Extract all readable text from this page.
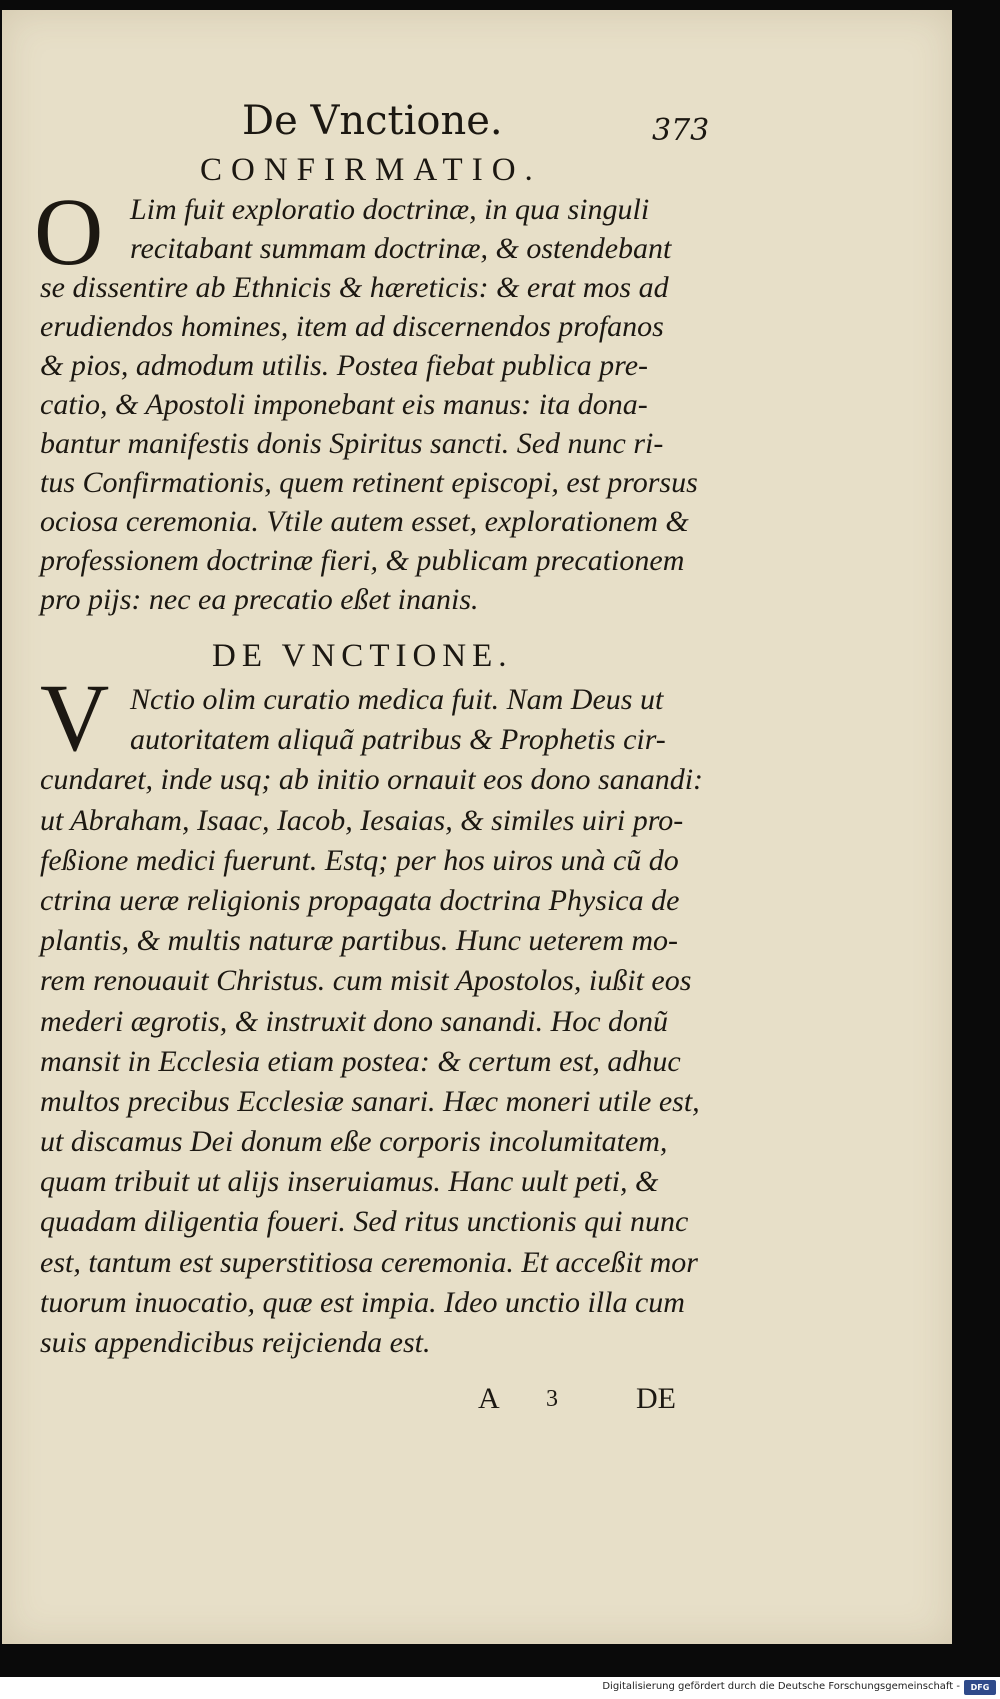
De Vnctione.	373
CONFIRMATIO.
O Lim fuit exploratio doctrinæ, in qua singuli
recitabant summam doctrinæ, & ostendebant
se dissentire ab Ethnicis & hæreticis: & erat mos ad
erudiendos homines, item ad discernendos profanos
& pios, admodum utilis. Postea fiebat publica pre-
catio, & Apostoli imponebant eis manus: ita dona-
bantur manifestis donis Spiritus sancti. Sed nunc ri-
tus Confirmationis, quem retinent episcopi, est prorsus
ociosa ceremonia. Vtile autem esset, explorationem &
professionem doctrinæ fieri, & publicam precationem
pro pijs: nec ea precatio eßet inanis.
DE VNCTIONE.
V Nctio olim curatio medica fuit. Nam Deus ut
autoritatem aliquã patribus & Prophetis cir-
cundaret, inde usq; ab initio ornauit eos dono sanandi:
ut Abraham, Isaac, Iacob, Iesaias, & similes uiri pro-
feßione medici fuerunt. Estq; per hos uiros unà cũ do
ctrina ueræ religionis propagata doctrina Physica de
plantis, & multis naturæ partibus. Hunc ueterem mo-
rem renouauit Christus. cum misit Apostolos, iußit eos
mederi ægrotis, & instruxit dono sanandi. Hoc donũ
mansit in Ecclesia etiam postea: & certum est, adhuc
multos precibus Ecclesiæ sanari. Hæc moneri utile est,
ut discamus Dei donum eße corporis incolumitatem,
quam tribuit ut alijs inseruiamus. Hanc uult peti, &
quadam diligentia foueri. Sed ritus unctionis qui nunc
est, tantum est superstitiosa ceremonia. Et acceßit mor
tuorum inuocatio, quæ est impia. Ideo unctio illa cum
suis appendicibus reijcienda est.
A 3	DE
Digitalisierung gefördert durch die Deutsche Forschungsgemeinschaft -	DFG
